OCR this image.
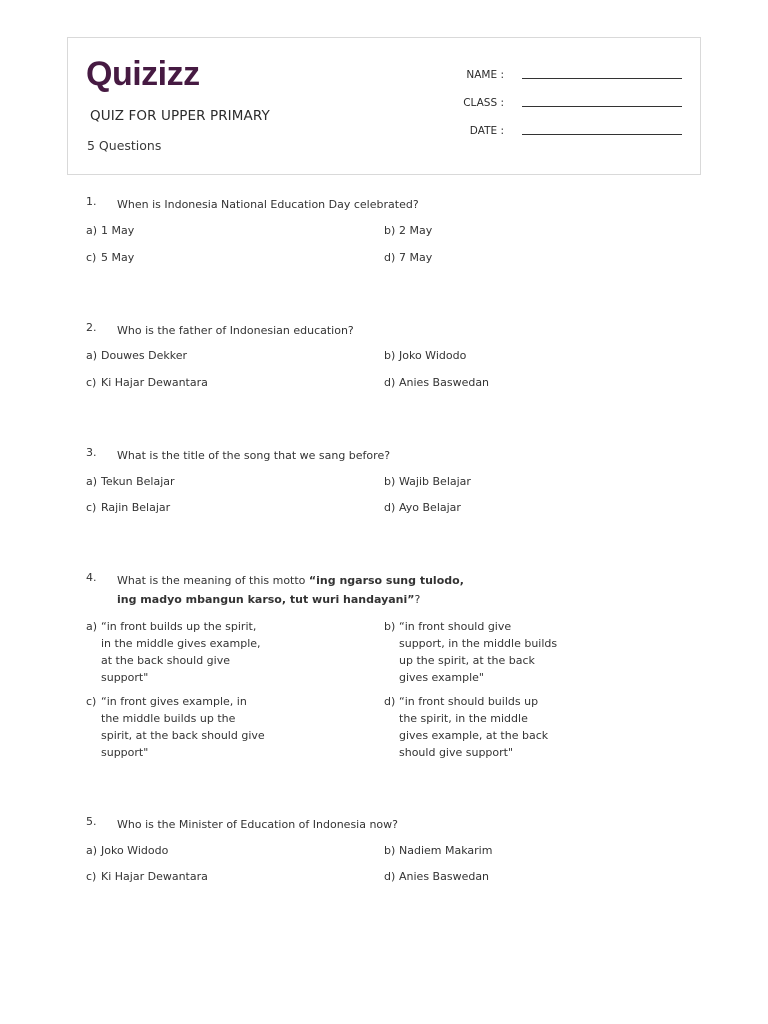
Quizizz
QUIZ FOR UPPER PRIMARY
5 Questions
NAME :
CLASS :
DATE :
1. When is Indonesia National Education Day celebrated?
a) 1 May	b) 2 May
c) 5 May	d) 7 May
2. Who is the father of Indonesian education?
a) Douwes Dekker	b) Joko Widodo
c) Ki Hajar Dewantara	d) Anies Baswedan
3. What is the title of the song that we sang before?
a) Tekun Belajar	b) Wajib Belajar
c) Rajin Belajar	d) Ayo Belajar
4. What is the meaning of this motto “ing ngarso sung tulodo, ing madyo mbangun karso, tut wuri handayani”?
a) “in front builds up the spirit, in the middle gives example, at the back should give support"
b) “in front should give support, in the middle builds up the spirit, at the back gives example"
c) “in front gives example, in the middle builds up the spirit, at the back should give support"
d) “in front should builds up the spirit, in the middle gives example, at the back should give support"
5. Who is the Minister of Education of Indonesia now?
a) Joko Widodo	b) Nadiem Makarim
c) Ki Hajar Dewantara	d) Anies Baswedan
